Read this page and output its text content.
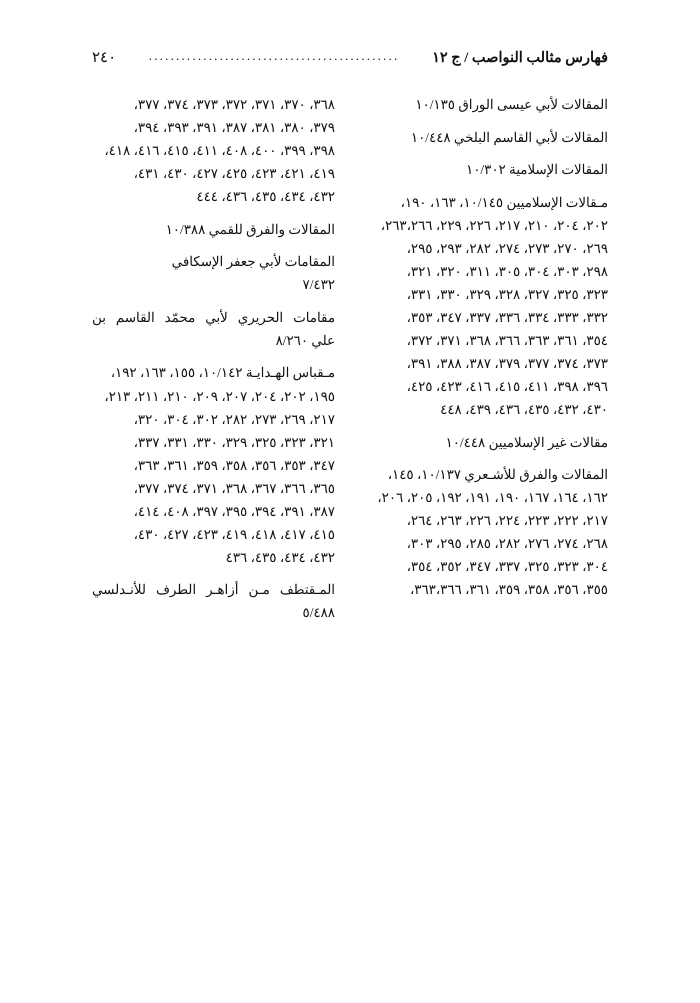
فهارس مثالب النواصب / ج ١٢
..............................................
٢٤٠
المقالات لأبي عيسى الوراق ١٠/١٣٥
المقالات لأبي القاسم البلخي ١٠/٤٤٨
المقالات الإسلامية ١٠/٣٠٢
مـقالات الإسلاميين ١٠/١٤٥، ١٦٣، ١٩٠،
٢٠٢، ٢٠٤، ٢١٠، ٢١٧، ٢٢٦، ٢٢٩، ٢٦٣،٢٦٦،
٢٦٩، ٢٧٠، ٢٧٣، ٢٧٤، ٢٨٢، ٢٩٣، ٢٩٥،
٢٩٨، ٣٠٣، ٣٠٤، ٣٠٥، ٣١١، ٣٢٠، ٣٢١،
٣٢٣، ٣٢٥، ٣٢٧، ٣٢٨، ٣٢٩، ٣٣٠، ٣٣١،
٣٣٢، ٣٣٣، ٣٣٤، ٣٣٦، ٣٣٧، ٣٤٧، ٣٥٣،
٣٥٤، ٣٦١، ٣٦٣، ٣٦٦، ٣٦٨، ٣٧١، ٣٧٢،
٣٧٣، ٣٧٤، ٣٧٧، ٣٧٩، ٣٨٧، ٣٨٨، ٣٩١،
٣٩٦، ٣٩٨، ٤١١، ٤١٥، ٤١٦، ٤٢٣، ٤٢٥،
٤٣٠، ٤٣٢، ٤٣٥، ٤٣٦، ٤٣٩، ٤٤٨
مقالات غير الإسلاميين ١٠/٤٤٨
المقالات والفرق للأشـعري ١٠/١٣٧، ١٤٥،
١٦٢، ١٦٤، ١٦٧، ١٩٠، ١٩١، ١٩٢، ٢٠٥، ٢٠٦،
٢١٧، ٢٢٢، ٢٢٣، ٢٢٤، ٢٢٦، ٢٦٣، ٢٦٤،
٢٦٨، ٢٧٤، ٢٧٦، ٢٨٢، ٢٨٥، ٢٩٥، ٣٠٣،
٣٠٤، ٣٢٣، ٣٢٥، ٣٣٧، ٣٤٧، ٣٥٢، ٣٥٤،
٣٥٥، ٣٥٦، ٣٥٨، ٣٥٩، ٣٦١، ٣٦٣،٣٦٦،
٣٦٨، ٣٧٠، ٣٧١، ٣٧٢، ٣٧٣، ٣٧٤، ٣٧٧،
٣٧٩، ٣٨٠، ٣٨١، ٣٨٧، ٣٩١، ٣٩٣، ٣٩٤،
٣٩٨، ٣٩٩، ٤٠٠، ٤٠٨، ٤١١، ٤١٥، ٤١٦، ٤١٨،
٤١٩، ٤٢١، ٤٢٣، ٤٢٥، ٤٢٧، ٤٣٠، ٤٣١،
٤٣٢، ٤٣٤، ٤٣٥، ٤٣٦، ٤٤٤
المقالات والفرق للقمي ١٠/٣٨٨
المقامات لأبي جعفر الإسكافي
٧/٤٣٢
مقامات الحريري لأبي محمّد القاسم بن
علي ٨/٢٦٠
مـقباس الهـدايـة ١٠/١٤٢، ١٥٥، ١٦٣، ١٩٢،
١٩٥، ٢٠٢، ٢٠٤، ٢٠٧، ٢٠٩، ٢١٠، ٢١١، ٢١٣،
٢١٧، ٢٦٩، ٢٧٣، ٢٨٢، ٣٠٢، ٣٠٤، ٣٢٠،
٣٢١، ٣٢٣، ٣٢٥، ٣٢٩، ٣٣٠، ٣٣١، ٣٣٧،
٣٤٧، ٣٥٣، ٣٥٦، ٣٥٨، ٣٥٩، ٣٦١، ٣٦٣،
٣٦٥، ٣٦٦، ٣٦٧، ٣٦٨، ٣٧١، ٣٧٤، ٣٧٧،
٣٨٧، ٣٩١، ٣٩٤، ٣٩٥، ٣٩٧، ٤٠٨، ٤١٤،
٤١٥، ٤١٧، ٤١٨، ٤١٩، ٤٢٣، ٤٢٧، ٤٣٠،
٤٣٢، ٤٣٤، ٤٣٥، ٤٣٦
المـقتطف مـن أزاهـر الطرف للأنـدلسي
٥/٤٨٨
